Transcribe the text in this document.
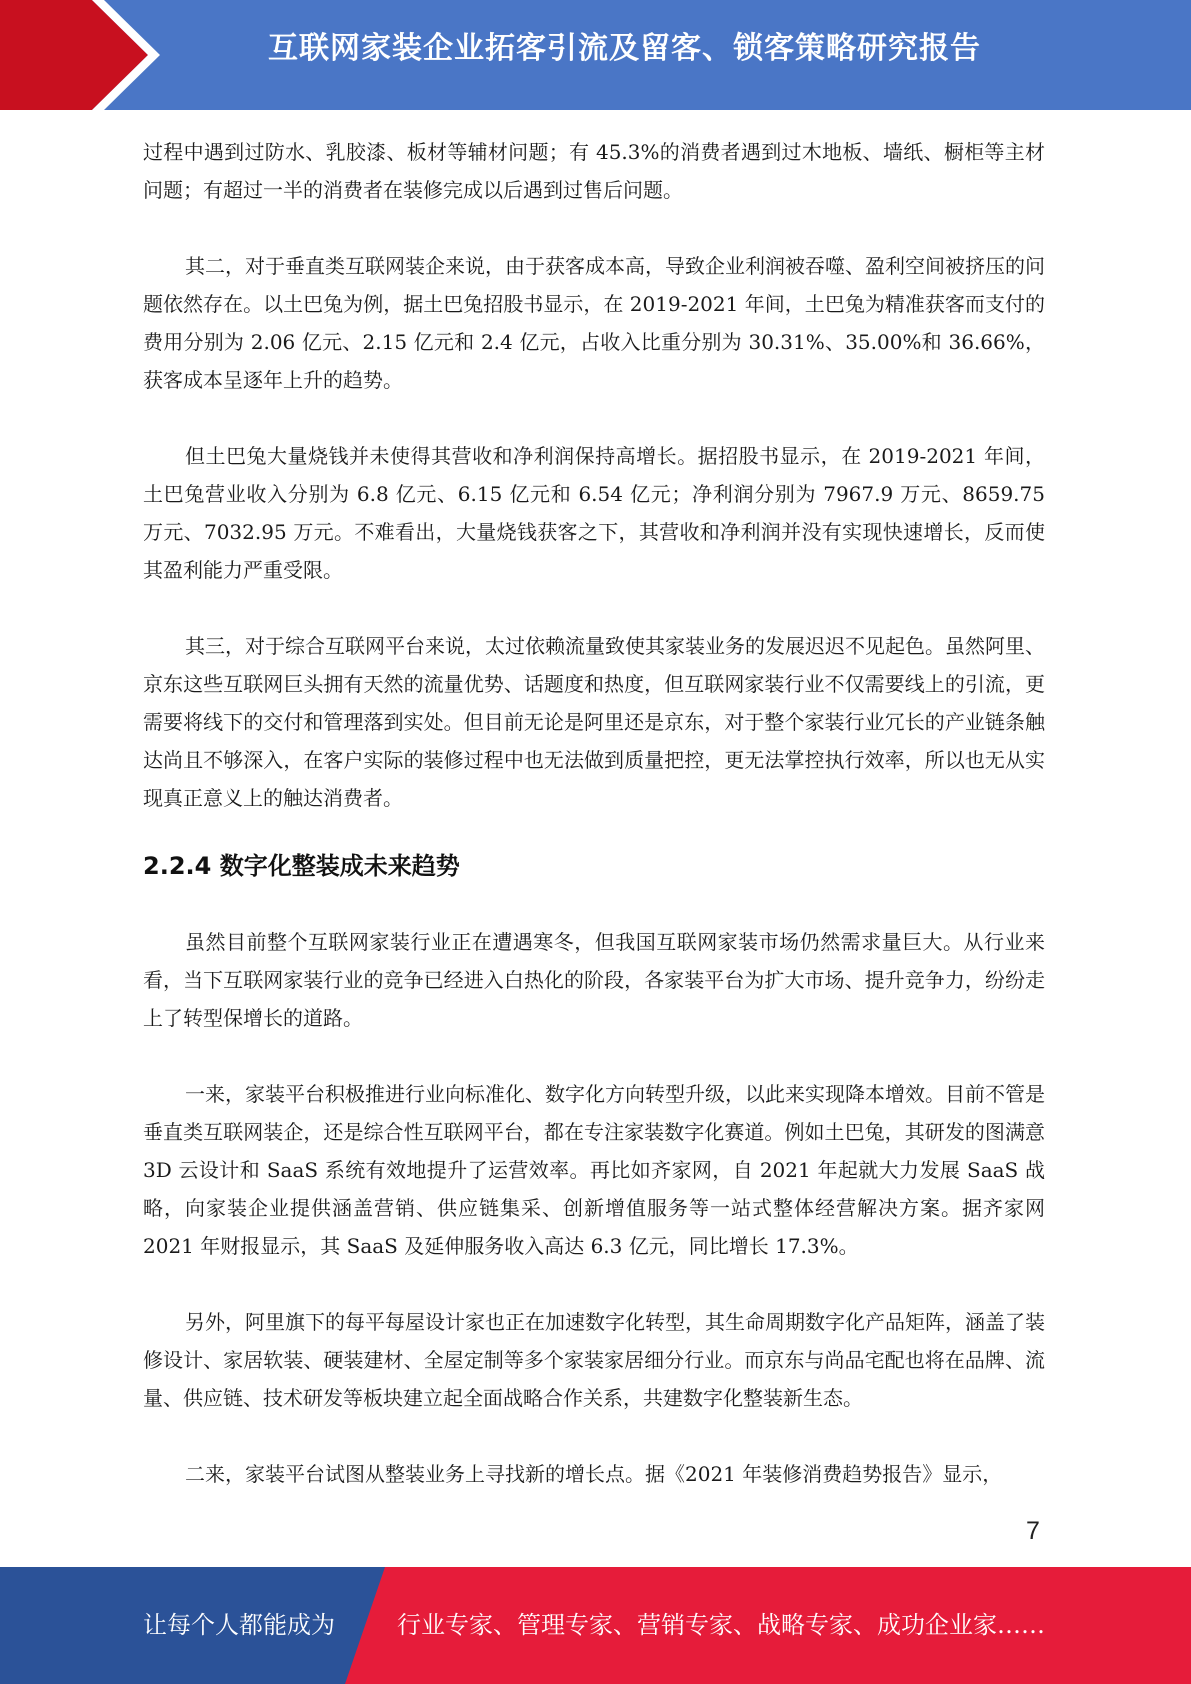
互联网家装企业拓客引流及留客、锁客策略研究报告

过程中遇到过防水、乳胶漆、板材等辅材问题；有 45.3%的消费者遇到过木地板、墙纸、橱柜等主材问题；有超过一半的消费者在装修完成以后遇到过售后问题。

其二，对于垂直类互联网装企来说，由于获客成本高，导致企业利润被吞噬、盈利空间被挤压的问题依然存在。以土巴兔为例，据土巴兔招股书显示，在 2019-2021 年间，土巴兔为精准获客而支付的费用分别为 2.06 亿元、2.15 亿元和 2.4 亿元，占收入比重分别为 30.31%、35.00%和 36.66%，获客成本呈逐年上升的趋势。

但土巴兔大量烧钱并未使得其营收和净利润保持高增长。据招股书显示，在 2019-2021 年间，土巴兔营业收入分别为 6.8 亿元、6.15 亿元和 6.54 亿元；净利润分别为 7967.9 万元、8659.75 万元、7032.95 万元。不难看出，大量烧钱获客之下，其营收和净利润并没有实现快速增长，反而使其盈利能力严重受限。

其三，对于综合互联网平台来说，太过依赖流量致使其家装业务的发展迟迟不见起色。虽然阿里、京东这些互联网巨头拥有天然的流量优势、话题度和热度，但互联网家装行业不仅需要线上的引流，更需要将线下的交付和管理落到实处。但目前无论是阿里还是京东，对于整个家装行业冗长的产业链条触达尚且不够深入，在客户实际的装修过程中也无法做到质量把控，更无法掌控执行效率，所以也无从实现真正意义上的触达消费者。

2.2.4 数字化整装成未来趋势

虽然目前整个互联网家装行业正在遭遇寒冬，但我国互联网家装市场仍然需求量巨大。从行业来看，当下互联网家装行业的竞争已经进入白热化的阶段，各家装平台为扩大市场、提升竞争力，纷纷走上了转型保增长的道路。

一来，家装平台积极推进行业向标准化、数字化方向转型升级，以此来实现降本增效。目前不管是垂直类互联网装企，还是综合性互联网平台，都在专注家装数字化赛道。例如土巴兔，其研发的图满意 3D 云设计和 SaaS 系统有效地提升了运营效率。再比如齐家网，自 2021 年起就大力发展 SaaS 战略，向家装企业提供涵盖营销、供应链集采、创新增值服务等一站式整体经营解决方案。据齐家网 2021 年财报显示，其 SaaS 及延伸服务收入高达 6.3 亿元，同比增长 17.3%。

另外，阿里旗下的每平每屋设计家也正在加速数字化转型，其生命周期数字化产品矩阵，涵盖了装修设计、家居软装、硬装建材、全屋定制等多个家装家居细分行业。而京东与尚品宅配也将在品牌、流量、供应链、技术研发等板块建立起全面战略合作关系，共建数字化整装新生态。

二来，家装平台试图从整装业务上寻找新的增长点。据《2021 年装修消费趋势报告》显示，

7
让每个人都能成为	行业专家、管理专家、营销专家、战略专家、成功企业家……
